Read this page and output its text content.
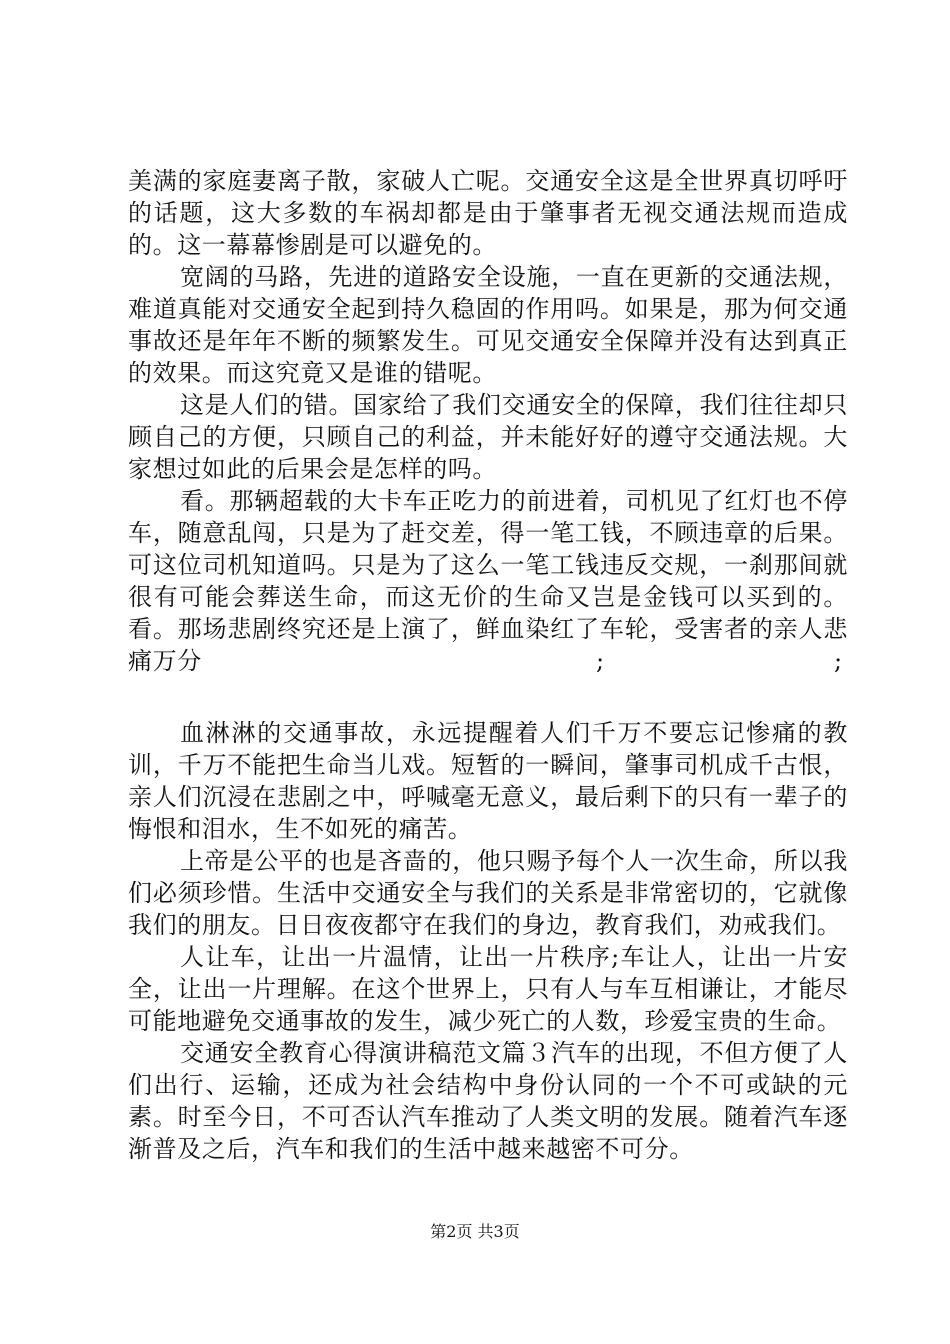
美满的家庭妻离子散，家破人亡呢。交通安全这是全世界真切呼吁的话题，这大多数的车祸却都是由于肇事者无视交通法规而造成的。这一幕幕惨剧是可以避免的。

宽阔的马路，先进的道路安全设施，一直在更新的交通法规，难道真能对交通安全起到持久稳固的作用吗。如果是，那为何交通事故还是年年不断的频繁发生。可见交通安全保障并没有达到真正的效果。而这究竟又是谁的错呢。

这是人们的错。国家给了我们交通安全的保障，我们往往却只顾自己的方便，只顾自己的利益，并未能好好的遵守交通法规。大家想过如此的后果会是怎样的吗。

看。那辆超载的大卡车正吃力的前进着，司机见了红灯也不停车，随意乱闯，只是为了赶交差，得一笔工钱，不顾违章的后果。可这位司机知道吗。只是为了这么一笔工钱违反交规，一刹那间就很有可能会葬送生命，而这无价的生命又岂是金钱可以买到的。看。那场悲剧终究还是上演了，鲜血染红了车轮，受害者的亲人悲痛万分	;	;

血淋淋的交通事故，永远提醒着人们千万不要忘记惨痛的教训，千万不能把生命当儿戏。短暂的一瞬间，肇事司机成千古恨，亲人们沉浸在悲剧之中，呼喊毫无意义，最后剩下的只有一辈子的悔恨和泪水，生不如死的痛苦。

上帝是公平的也是吝啬的，他只赐予每个人一次生命，所以我们必须珍惜。生活中交通安全与我们的关系是非常密切的，它就像我们的朋友。日日夜夜都守在我们的身边，教育我们，劝戒我们。

人让车，让出一片温情，让出一片秩序;车让人，让出一片安全，让出一片理解。在这个世界上，只有人与车互相谦让，才能尽可能地避免交通事故的发生，减少死亡的人数，珍爱宝贵的生命。

交通安全教育心得演讲稿范文篇３汽车的出现，不但方便了人们出行、运输，还成为社会结构中身份认同的一个不可或缺的元素。时至今日，不可否认汽车推动了人类文明的发展。随着汽车逐渐普及之后，汽车和我们的生活中越来越密不可分。

第2页 共3页
